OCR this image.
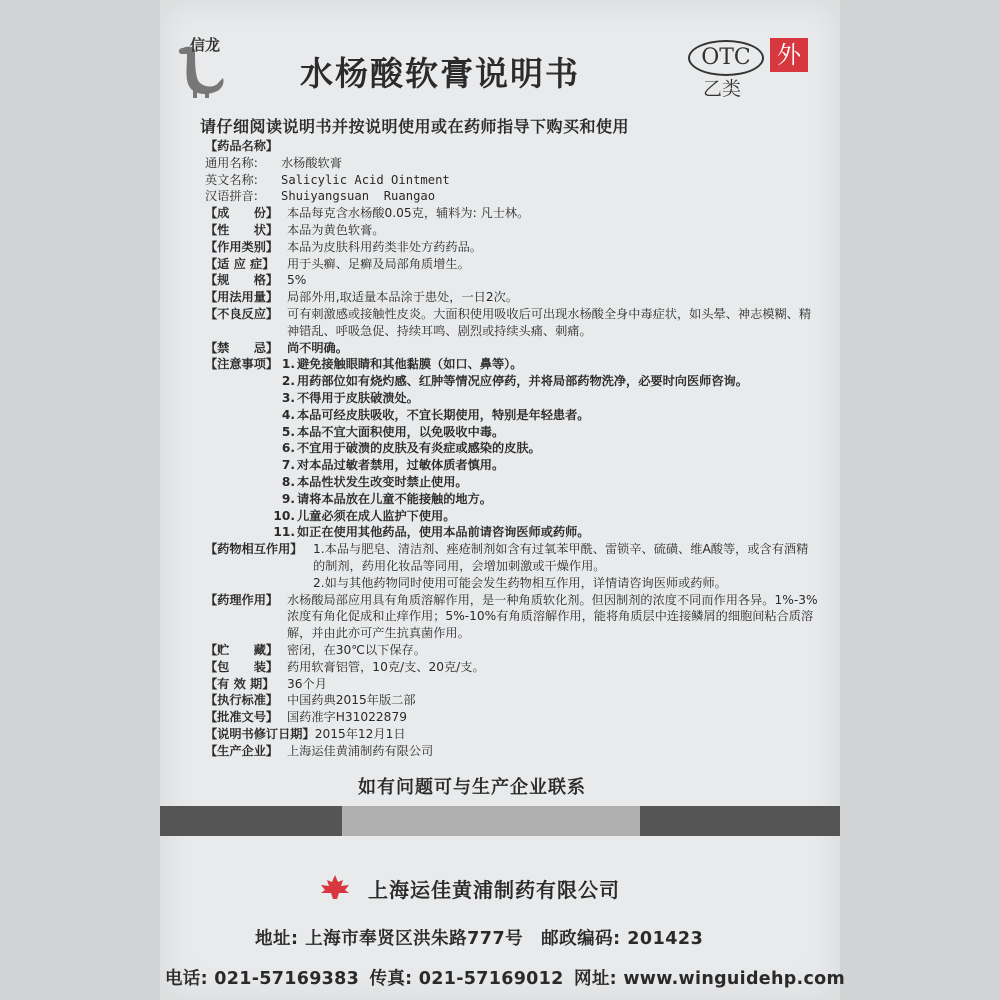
信龙
水杨酸软膏说明书	OTC
乙类
外
请仔细阅读说明书并按说明使用或在药师指导下购买和使用
【药品名称】
通用名称:	水杨酸软膏
英文名称:	Salicylic Acid Ointment
汉语拼音:	Shuiyangsuan  Ruangao
【成　　份】 本品每克含水杨酸0.05克，辅料为: 凡士林。
【性　　状】 本品为黄色软膏。
【作用类别】 本品为皮肤科用药类非处方药药品。
【适 应 症】	用于头癣、足癣及局部角质增生。
【规　　格】 5%
【用法用量】 局部外用,取适量本品涂于患处，一日2次。
【不良反应】 可有刺激感或接触性皮炎。大面积使用吸收后可出现水杨酸全身中毒症状，如头晕、神志模糊、精神错乱、呼吸急促、持续耳鸣、剧烈或持续头痛、刺痛。
【禁　　忌】 尚不明确。
【注意事项】 1. 避免接触眼睛和其他黏膜（如口、鼻等）。
2. 用药部位如有烧灼感、红肿等情况应停药，并将局部药物洗净，必要时向医师咨询。
3. 不得用于皮肤破溃处。
4. 本品可经皮肤吸收，不宜长期使用，特别是年轻患者。
5. 本品不宜大面积使用，以免吸收中毒。
6. 不宜用于破溃的皮肤及有炎症或感染的皮肤。
7. 对本品过敏者禁用，过敏体质者慎用。
8. 本品性状发生改变时禁止使用。
9. 请将本品放在儿童不能接触的地方。
10. 儿童必须在成人监护下使用。
11. 如正在使用其他药品，使用本品前请咨询医师或药师。
【药物相互作用】 1.本品与肥皂、清洁剂、痤疮制剂如含有过氧苯甲酰、雷锁辛、硫磺、维A酸等，或含有酒精的制剂，药用化妆品等同用，会增加刺激或干燥作用。
2.如与其他药物同时使用可能会发生药物相互作用，详情请咨询医师或药师。
【药理作用】 水杨酸局部应用具有角质溶解作用，是一种角质软化剂。但因制剂的浓度不同而作用各异。1%-3%浓度有角化促成和止痒作用；5%-10%有角质溶解作用，能将角质层中连接鳞屑的细胞间粘合质溶解，并由此亦可产生抗真菌作用。
【贮　　藏】 密闭，在30℃以下保存。
【包　　装】 药用软膏铝管，10克/支、20克/支。
【有 效 期】	36个月
【执行标准】 中国药典2015年版二部
【批准文号】 国药准字H31022879
【说明书修订日期】 2015年12月1日
【生产企业】 上海运佳黄浦制药有限公司
如有问题可与生产企业联系
上海运佳黄浦制药有限公司
地址: 上海市奉贤区洪朱路777号　邮政编码: 201423
电话: 021-57169383 传真: 021-57169012 网址: www.winguidehp.com
